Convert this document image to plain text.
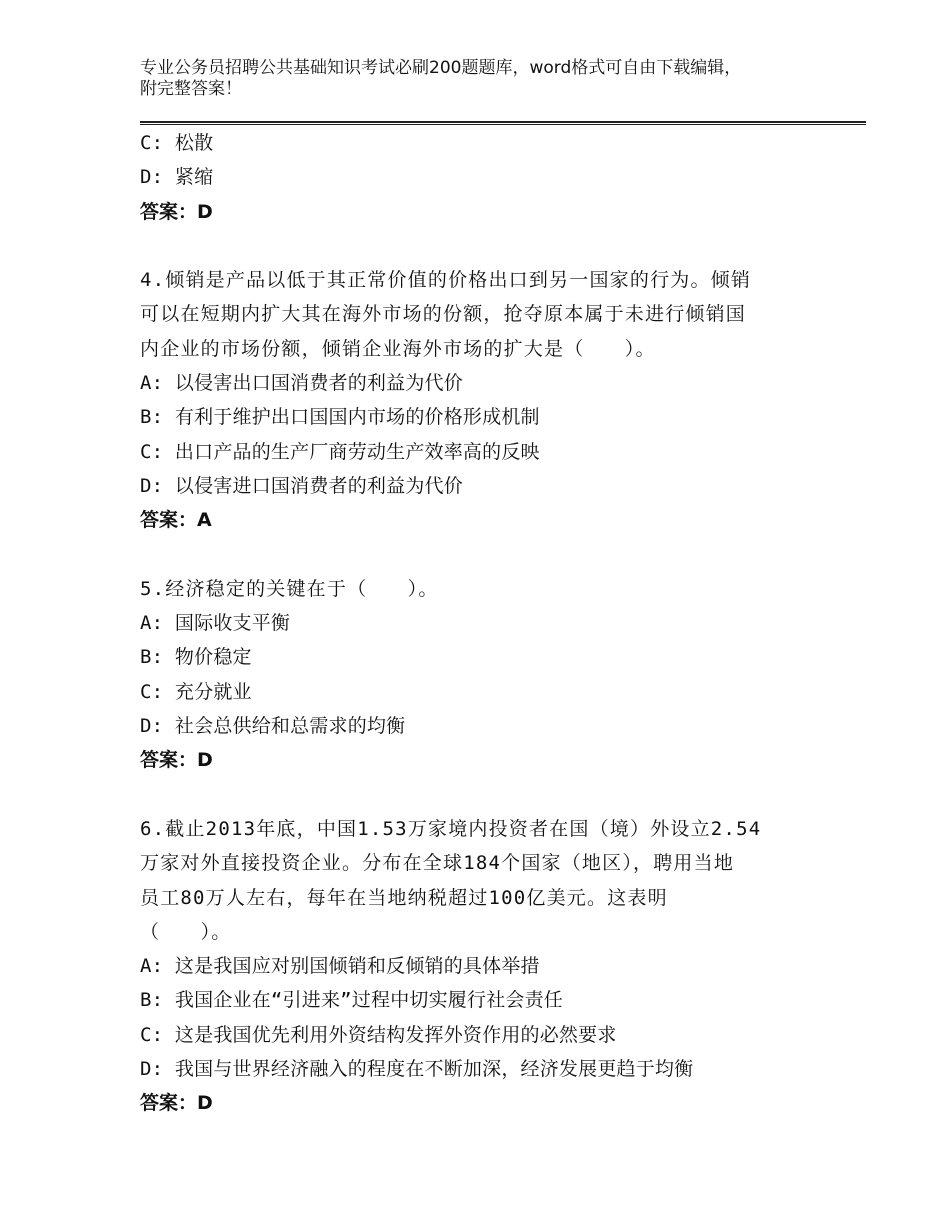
专业公务员招聘公共基础知识考试必刷200题题库，word格式可自由下载编辑，
附完整答案！
C: 松散
D: 紧缩
答案：D
4.倾销是产品以低于其正常价值的价格出口到另一国家的行为。倾销
可以在短期内扩大其在海外市场的份额，抢夺原本属于未进行倾销国
内企业的市场份额，倾销企业海外市场的扩大是（　　）。
A: 以侵害出口国消费者的利益为代价
B: 有利于维护出口国国内市场的价格形成机制
C: 出口产品的生产厂商劳动生产效率高的反映
D: 以侵害进口国消费者的利益为代价
答案：A
5.经济稳定的关键在于（　　）。
A: 国际收支平衡
B: 物价稳定
C: 充分就业
D: 社会总供给和总需求的均衡
答案：D
6.截止2013年底，中国1.53万家境内投资者在国（境）外设立2.54
万家对外直接投资企业。分布在全球184个国家（地区），聘用当地
员工80万人左右，每年在当地纳税超过100亿美元。这表明
（　　）。
A: 这是我国应对别国倾销和反倾销的具体举措
B: 我国企业在“引进来”过程中切实履行社会责任
C: 这是我国优先利用外资结构发挥外资作用的必然要求
D: 我国与世界经济融入的程度在不断加深，经济发展更趋于均衡
答案：D
